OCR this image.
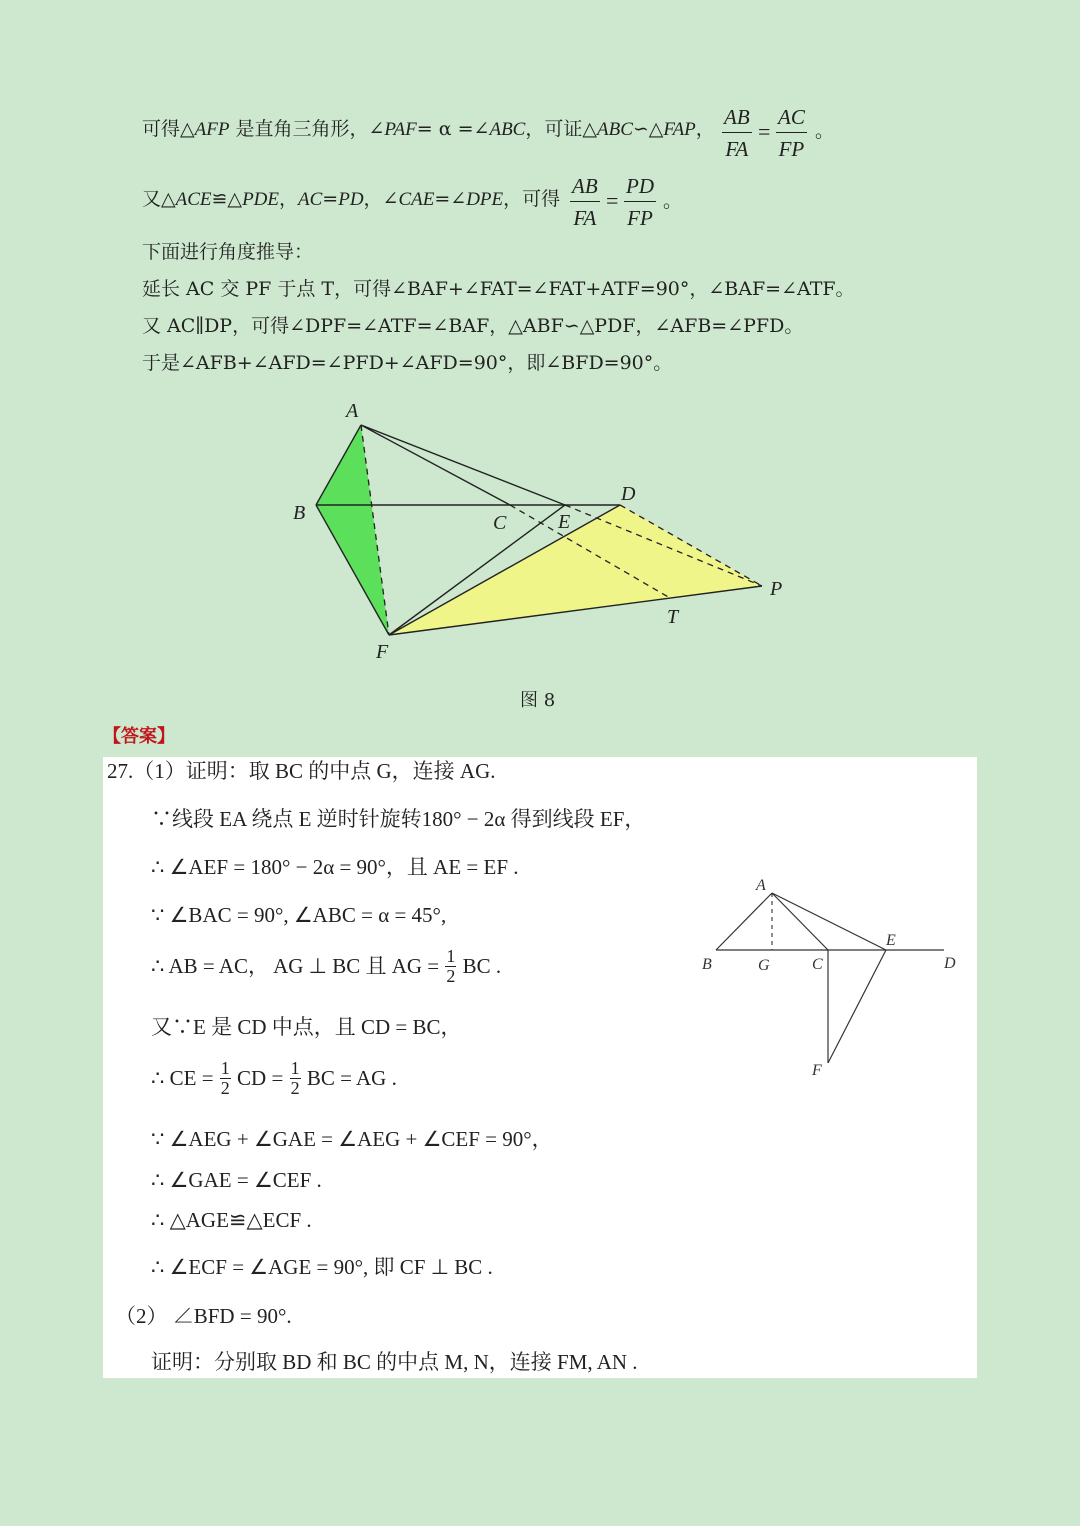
可得△AFP 是直角三角形，∠PAF= α =∠ABC，可证△ABC∽△FAP， $\frac{AB}{FA} = \frac{AC}{FP}$ 。
又△ACE≌△PDE，AC=PD，∠CAE=∠DPE，可得 $\frac{AB}{FA} = \frac{PD}{FP}$ 。
下面进行角度推导：
延长 AC 交 PF 于点 T，可得∠BAF+∠FAT=∠FAT+ATF=90°，∠BAF=∠ATF。
又 AC∥DP，可得∠DPF=∠ATF=∠BAF，△ABF∽△PDF，∠AFB=∠PFD。
于是∠AFB+∠AFD=∠PFD+∠AFD=90°，即∠BFD=90°。
A
B	C	E
D
P
T
F
图 8
【答案】
27.（1）证明：取 BC 的中点 G，连接 AG.
∵线段 EA 绕点 E 逆时针旋转180° − 2α 得到线段 EF，
∴ ∠AEF = 180° − 2α = 90°，且 AE = EF .
∵ ∠BAC = 90°, ∠ABC = α = 45°,
∴ AB = AC， AG ⊥ BC 且 AG = $\frac{1}{2}$ BC .
又∵E 是 CD 中点，且 CD = BC，
∴ CE = $\frac{1}{2}$ CD = $\frac{1}{2}$ BC = AG .
∵ ∠AEG + ∠GAE = ∠AEG + ∠CEF = 90°，
∴ ∠GAE = ∠CEF .
∴ △AGE≌△ECF .
∴ ∠ECF = ∠AGE = 90°, 即 CF ⊥ BC .
（2） ∠BFD = 90°.
证明：分别取 BD 和 BC 的中点 M, N，连接 FM, AN .
A
B	G	C
E
D
F
